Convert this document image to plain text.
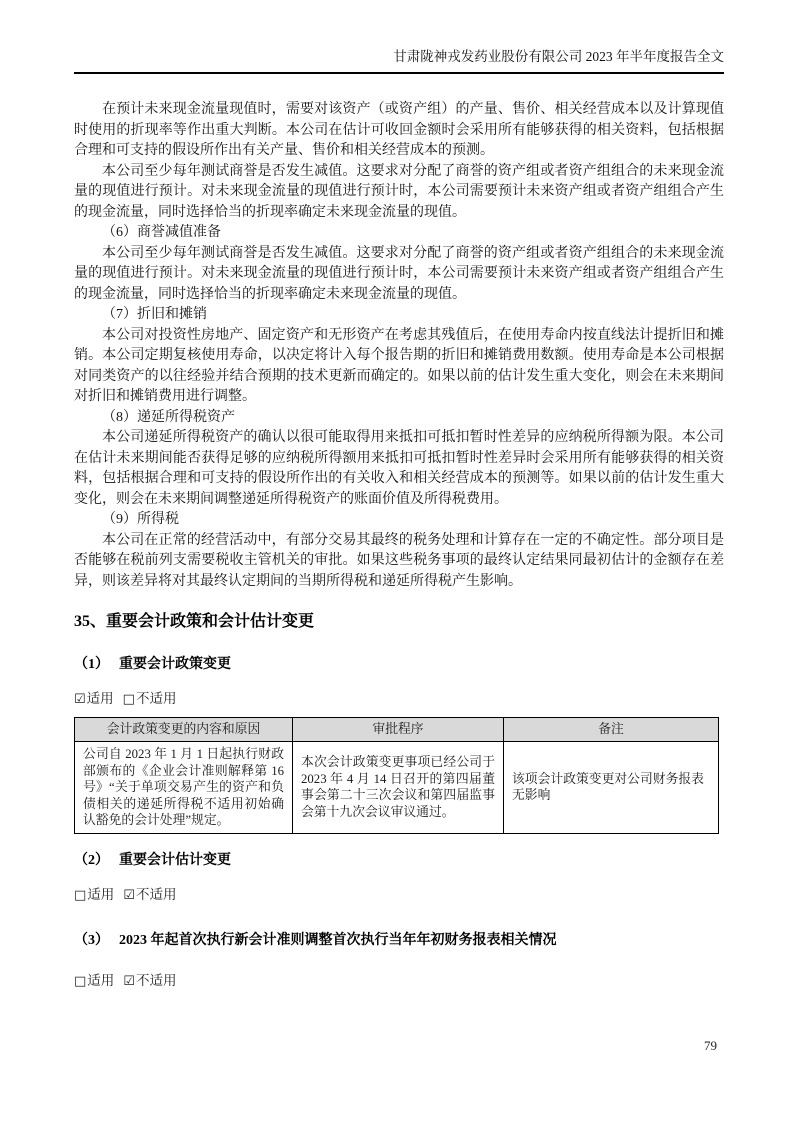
甘肃陇神戎发药业股份有限公司 2023 年半年度报告全文

在预计未来现金流量现值时，需要对该资产（或资产组）的产量、售价、相关经营成本以及计算现值时使用的折现率等作出重大判断。本公司在估计可收回金额时会采用所有能够获得的相关资料，包括根据合理和可支持的假设所作出有关产量、售价和相关经营成本的预测。

本公司至少每年测试商誉是否发生减值。这要求对分配了商誉的资产组或者资产组组合的未来现金流量的现值进行预计。对未来现金流量的现值进行预计时，本公司需要预计未来资产组或者资产组组合产生的现金流量，同时选择恰当的折现率确定未来现金流量的现值。

（6）商誉减值准备

本公司至少每年测试商誉是否发生减值。这要求对分配了商誉的资产组或者资产组组合的未来现金流量的现值进行预计。对未来现金流量的现值进行预计时，本公司需要预计未来资产组或者资产组组合产生的现金流量，同时选择恰当的折现率确定未来现金流量的现值。

（7）折旧和摊销

本公司对投资性房地产、固定资产和无形资产在考虑其残值后，在使用寿命内按直线法计提折旧和摊销。本公司定期复核使用寿命，以决定将计入每个报告期的折旧和摊销费用数额。使用寿命是本公司根据对同类资产的以往经验并结合预期的技术更新而确定的。如果以前的估计发生重大变化，则会在未来期间对折旧和摊销费用进行调整。

（8）递延所得税资产

本公司递延所得税资产的确认以很可能取得用来抵扣可抵扣暂时性差异的应纳税所得额为限。本公司在估计未来期间能否获得足够的应纳税所得额用来抵扣可抵扣暂时性差异时会采用所有能够获得的相关资料，包括根据合理和可支持的假设所作出的有关收入和相关经营成本的预测等。如果以前的估计发生重大变化，则会在未来期间调整递延所得税资产的账面价值及所得税费用。

（9）所得税

本公司在正常的经营活动中，有部分交易其最终的税务处理和计算存在一定的不确定性。部分项目是否能够在税前列支需要税收主管机关的审批。如果这些税务事项的最终认定结果同最初估计的金额存在差异，则该差异将对其最终认定期间的当期所得税和递延所得税产生影响。

35、重要会计政策和会计估计变更
（1） 重要会计政策变更
☑适用 □不适用
会计政策变更的内容和原因	审批程序	备注
公司自 2023 年 1 月 1 日起执行财政部颁布的《企业会计准则解释第 16 号》“关于单项交易产生的资产和负债相关的递延所得税不适用初始确认豁免的会计处理”规定。	本次会计政策变更事项已经公司于 2023 年 4 月 14 日召开的第四届董事会第二十三次会议和第四届监事会第十九次会议审议通过。	该项会计政策变更对公司财务报表无影响
（2） 重要会计估计变更
□适用 ☑不适用
（3） 2023 年起首次执行新会计准则调整首次执行当年年初财务报表相关情况
□适用 ☑不适用
79
